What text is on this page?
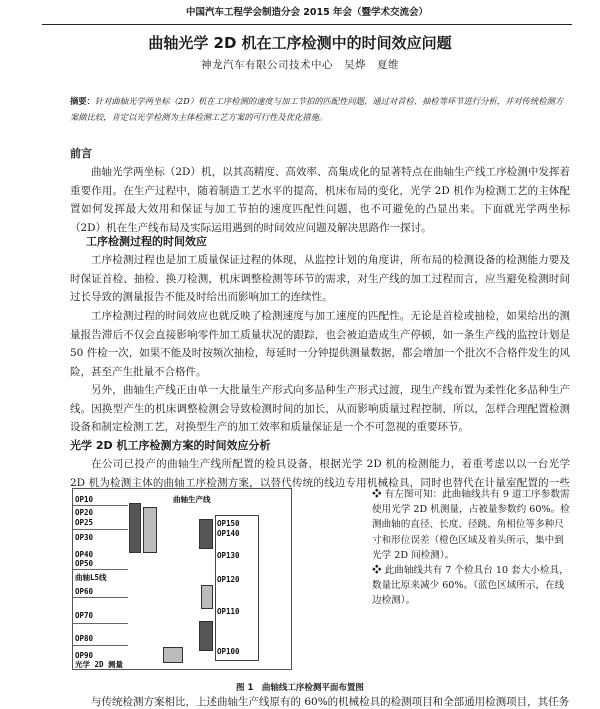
中国汽车工程学会制造分会 2015 年会（暨学术交流会）
曲轴光学 2D 机在工序检测中的时间效应问题
神龙汽车有限公司技术中心　吴烨　夏维
摘要：针对曲轴光学两坐标（2D）机在工序检测的速度与加工节拍的匹配性问题，通过对首检、抽检等环节进行分析，并对传统检测方案做比较，肯定以光学检测为主体检测工艺方案的可行性及优化措施。
前言
曲轴光学两坐标（2D）机，以其高精度、高效率、高集成化的显著特点在曲轴生产线工序检测中发挥着重要作用。在生产过程中，随着制造工艺水平的提高，机床布局的变化，光学 2D 机作为检测工艺的主体配置如何发挥最大效用和保证与加工节拍的速度匹配性问题，也不可避免的凸显出来。下面就光学两坐标（2D）机在生产线布局及实际运用遇到的时间效应问题及解决思路作一探讨。
工序检测过程的时间效应
工序检测过程也是加工质量保证过程的体现，从监控计划的角度讲，所布局的检测设备的检测能力要及时保证首检、抽检、换刀检测，机床调整检测等环节的需求，对生产线的加工过程而言，应当避免检测时间过长导致的测量报告不能及时给出而影响加工的连续性。
工序检测过程的时间效应也就反映了检测速度与加工速度的匹配性。无论是首检或抽检，如果给出的测量报告滞后不仅会直接影响零件加工质量状况的跟踪，也会被迫造成生产停顿，如一条生产线的监控计划是 50 件检一次，如果不能及时按频次抽检，每延时一分钟提供测量数据，都会增加一个批次不合格件发生的风险，甚至产生批量不合格件。
另外，曲轴生产线正由单一大批量生产形式向多品种生产形式过渡，现生产线布置为柔性化多品种生产线。因换型产生的机床调整检测会导致检测时间的加长，从而影响质量过程控制，所以，怎样合理配置检测设备和制定检测工艺，对换型生产的加工效率和质量保证是一个不可忽视的重要环节。
光学 2D 机工序检测方案的时间效应分析
在公司已投产的曲轴生产线所配置的检具设备，根据光学 2D 机的检测能力，着重考虑以以一台光学 2D 机为检测主体的曲轴工序检测方案，以替代传统的线边专用机械检具，同时也替代在计量室配置的一些
OP10
OP20
OP25
OP30
OP40
OP50
曲轴L5线
OP60
OP70
OP80
OP90
光学 2D 测量
曲轴生产线
OP150
OP140
OP130
OP120
OP110
OP100
❖ 有左图可知：此曲轴线共有 9 道工序参数需使用光学 2D 机测量，占被量参数约 60%。检测曲轴的直径、长度、径跳、角相位等多种尺寸和形位误差（橙色区域及着头所示，集中到光学 2D 间检测）。
❖ 此曲轴线共有 7 个检具台 10 套大小检具，数量比原来减少 60%。（蓝色区域所示，在线边检测）。
图 1　曲轴线工序检测平面布置图
与传统检测方案相比，上述曲轴生产线原有的 60%的机械检具的检测项目和全部通用检测项目，其任务
